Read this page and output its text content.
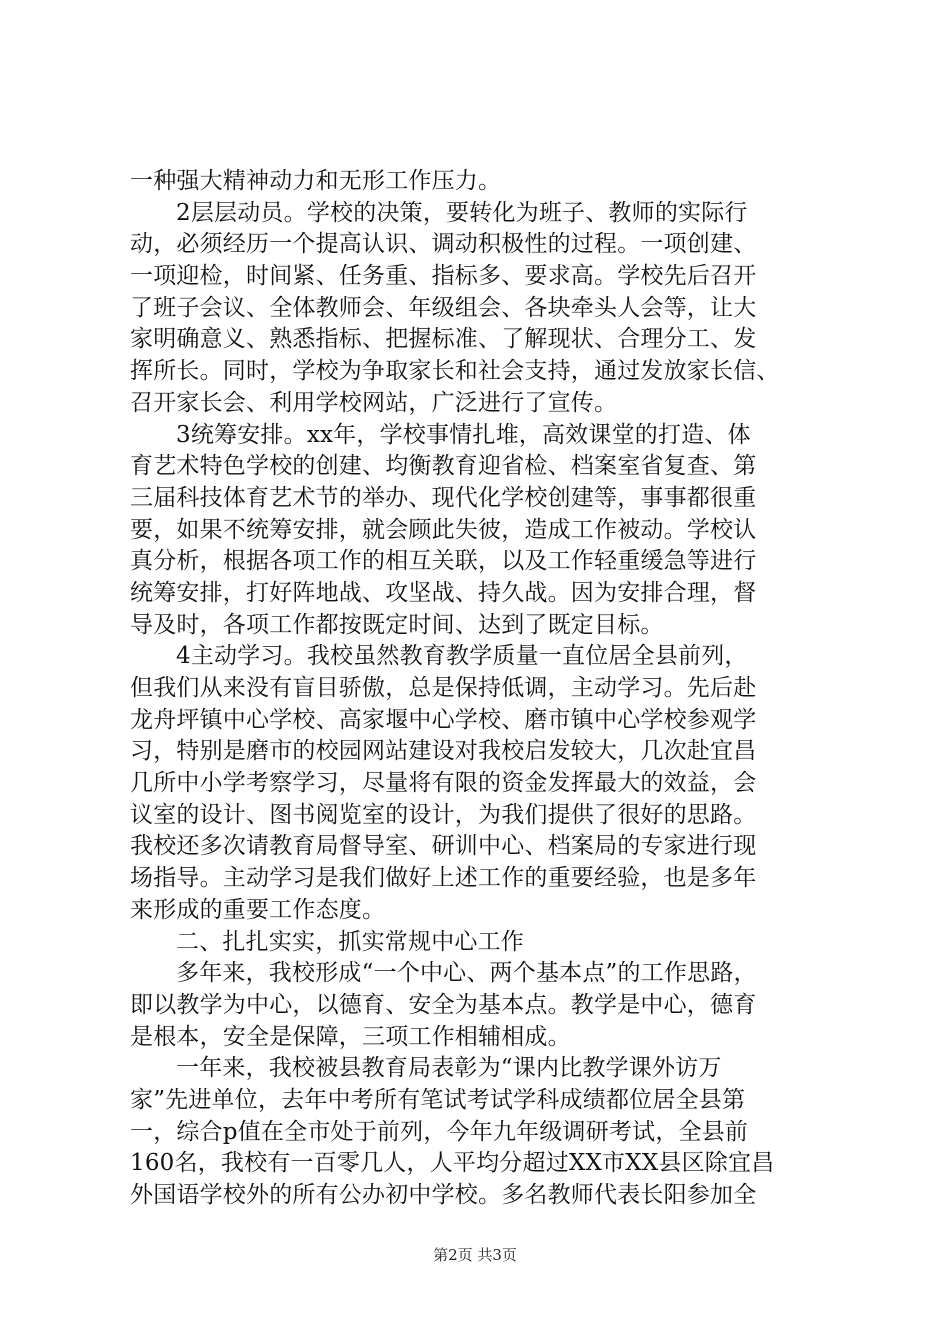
一种强大精神动力和无形工作压力。
2层层动员。学校的决策，要转化为班子、教师的实际行
动，必须经历一个提高认识、调动积极性的过程。一项创建、
一项迎检，时间紧、任务重、指标多、要求高。学校先后召开
了班子会议、全体教师会、年级组会、各块牵头人会等，让大
家明确意义、熟悉指标、把握标准、了解现状、合理分工、发
挥所长。同时，学校为争取家长和社会支持，通过发放家长信、
召开家长会、利用学校网站，广泛进行了宣传。
3统筹安排。xx年，学校事情扎堆，高效课堂的打造、体
育艺术特色学校的创建、均衡教育迎省检、档案室省复查、第
三届科技体育艺术节的举办、现代化学校创建等，事事都很重
要，如果不统筹安排，就会顾此失彼，造成工作被动。学校认
真分析，根据各项工作的相互关联，以及工作轻重缓急等进行
统筹安排，打好阵地战、攻坚战、持久战。因为安排合理，督
导及时，各项工作都按既定时间、达到了既定目标。
4主动学习。我校虽然教育教学质量一直位居全县前列，
但我们从来没有盲目骄傲，总是保持低调，主动学习。先后赴
龙舟坪镇中心学校、高家堰中心学校、磨市镇中心学校参观学
习，特别是磨市的校园网站建设对我校启发较大，几次赴宜昌
几所中小学考察学习，尽量将有限的资金发挥最大的效益，会
议室的设计、图书阅览室的设计，为我们提供了很好的思路。
我校还多次请教育局督导室、研训中心、档案局的专家进行现
场指导。主动学习是我们做好上述工作的重要经验，也是多年
来形成的重要工作态度。
二、扎扎实实，抓实常规中心工作
多年来，我校形成“一个中心、两个基本点”的工作思路，
即以教学为中心，以德育、安全为基本点。教学是中心，德育
是根本，安全是保障，三项工作相辅相成。
一年来，我校被县教育局表彰为“课内比教学课外访万
家”先进单位，去年中考所有笔试考试学科成绩都位居全县第
一，综合p值在全市处于前列，今年九年级调研考试，全县前
160名，我校有一百零几人，人平均分超过XX市XX县区除宜昌
外国语学校外的所有公办初中学校。多名教师代表长阳参加全
第2页 共3页
